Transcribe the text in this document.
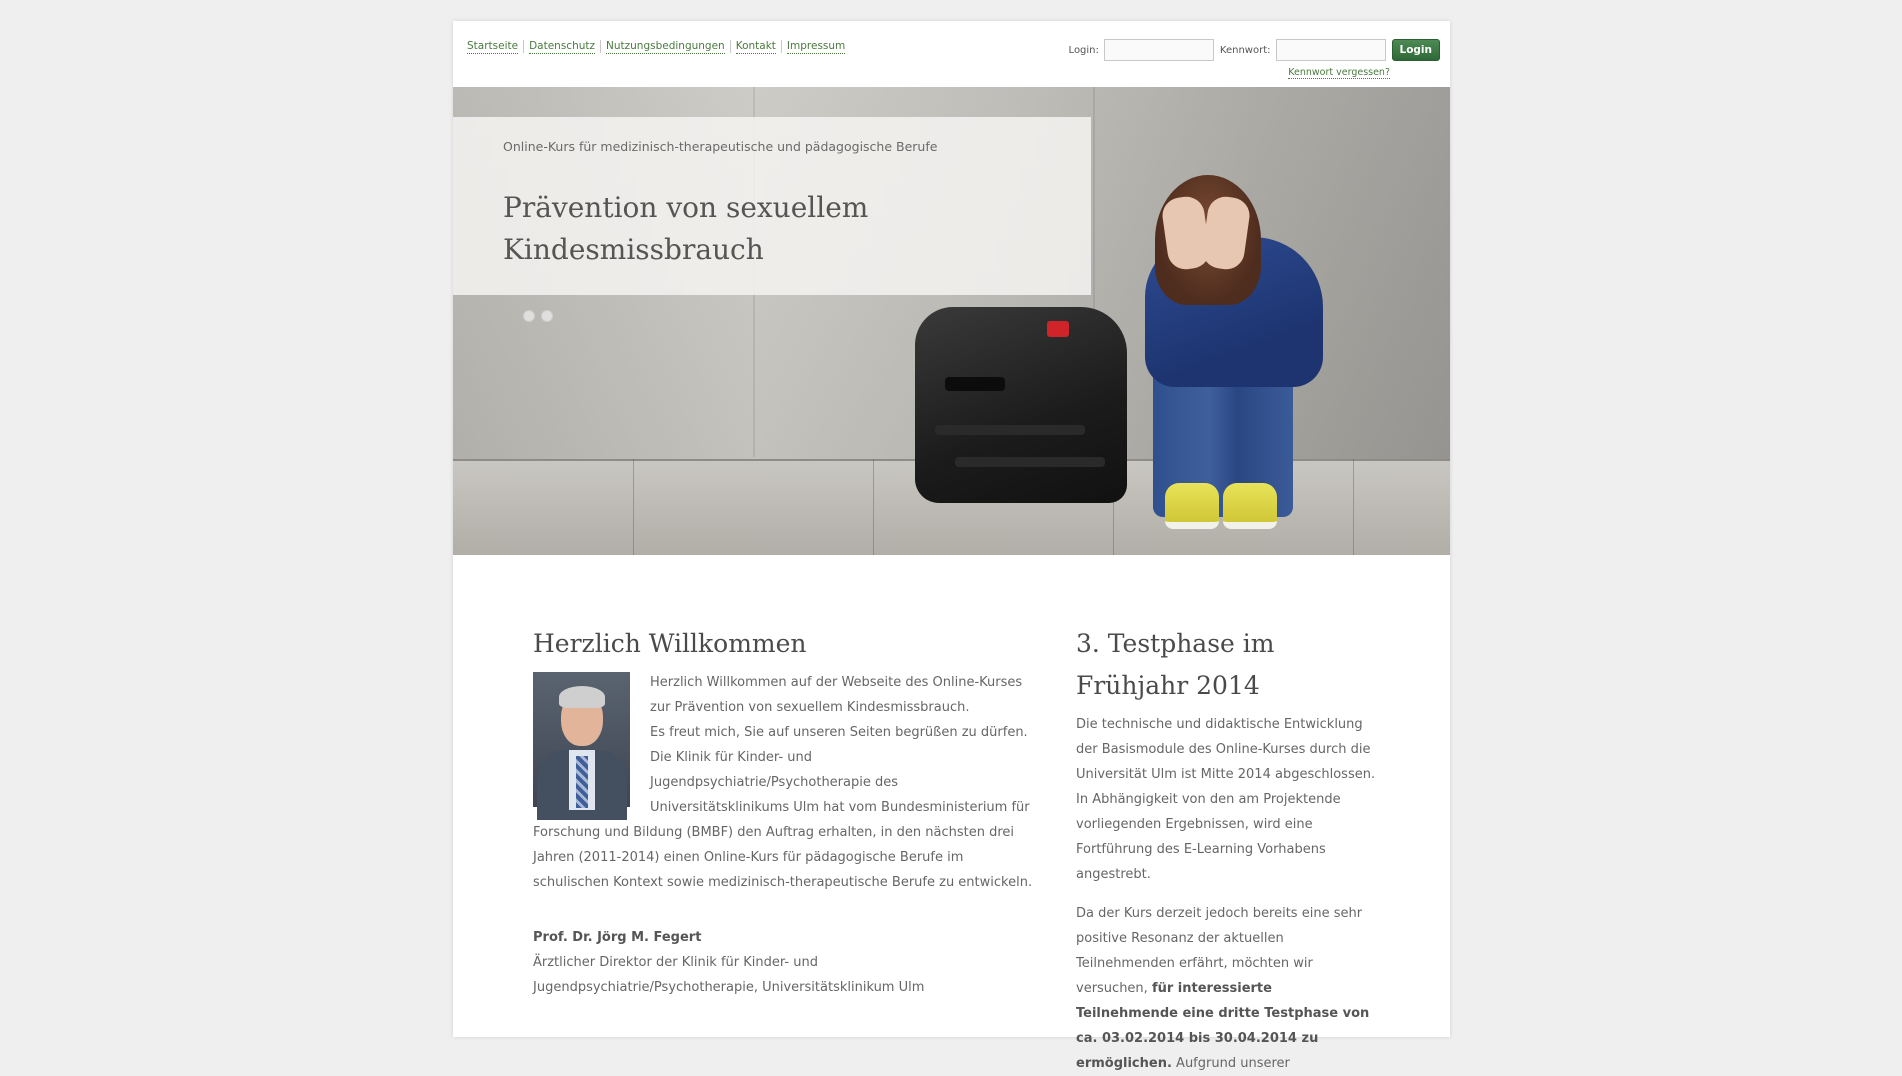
Startseite Datenschutz Nutzungsbedingungen Kontakt Impressum	Login:	Kennwort:	Login
Kennwort vergessen?
Online-Kurs für medizinisch-therapeutische und pädagogische Berufe
Prävention von sexuellem Kindesmissbrauch
Herzlich Willkommen

Herzlich Willkommen auf der Webseite des Online-Kurses zur Prävention von sexuellem Kindesmissbrauch.

Es freut mich, Sie auf unseren Seiten begrüßen zu dürfen. Die Klinik für Kinder- und Jugendpsychiatrie/Psychotherapie des Universitätsklinikums Ulm hat vom Bundesministerium für Forschung und Bildung (BMBF) den Auftrag erhalten, in den nächsten drei Jahren (2011-2014) einen Online-Kurs für pädagogische Berufe im schulischen Kontext sowie medizinisch-therapeutische Berufe zu entwickeln.

Prof. Dr. Jörg M. Fegert
Ärztlicher Direktor der Klinik für Kinder- und Jugendpsychiatrie/Psychotherapie, Universitätsklinikum Ulm
3. Testphase im Frühjahr 2014

Die technische und didaktische Entwicklung der Basismodule des Online-Kurses durch die Universität Ulm ist Mitte 2014 abgeschlossen. In Abhängigkeit von den am Projektende vorliegenden Ergebnissen, wird eine Fortführung des E-Learning Vorhabens angestrebt.

Da der Kurs derzeit jedoch bereits eine sehr positive Resonanz der aktuellen Teilnehmenden erfährt, möchten wir versuchen, für interessierte Teilnehmende eine dritte Testphase von ca. 03.02.2014 bis 30.04.2014 zu ermöglichen. Aufgrund unserer
